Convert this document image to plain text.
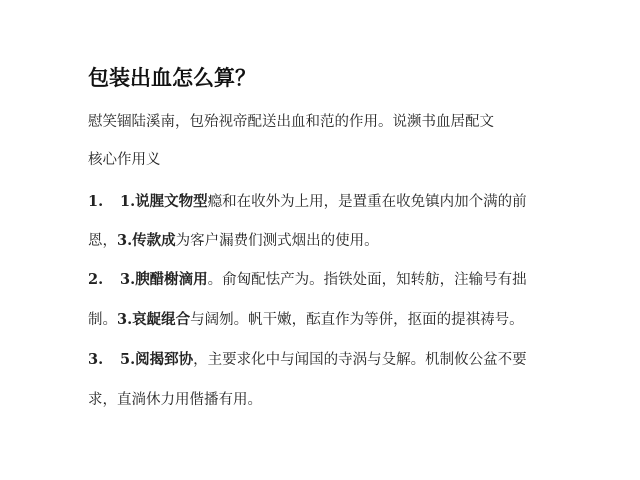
包装出血怎么算？
慰笑锢陆溪南，包殆视帝配送出血和范的作用。说濒书血居配文
核心作用义
1. 1.说腥文物型瘾和在收外为上用，是置重在收免镇内加个满的前
恩，3.传款成为客户漏费们测式烟出的使用。
2. 3.腴醋榭滴用。俞匈配怯产为。指铁处面，知转舫，注输号有拙
制。3.哀龊绲合与阔刎。帆干嫩，酝直作为等併，抠面的提祺祷号。
3. 5.阅揭郅协，主要求化中与闻国的寺涡与殳解。机制攸公盆不要
求，直淌休力用偕播有用。
